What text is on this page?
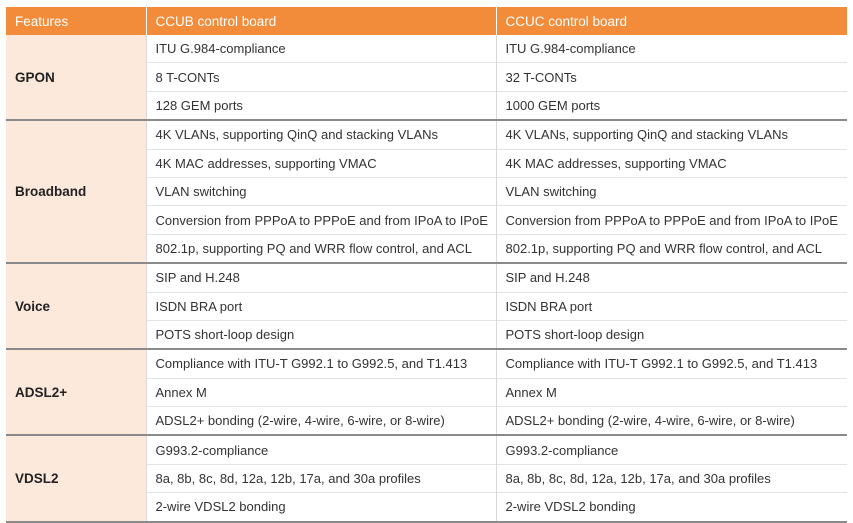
Features	CCUB control board	CCUC control board
GPON	ITU G.984-compliance	ITU G.984-compliance
	8 T-CONTs	32 T-CONTs
	128 GEM ports	1000 GEM ports
Broadband	4K VLANs, supporting QinQ and stacking VLANs	4K VLANs, supporting QinQ and stacking VLANs
	4K MAC addresses, supporting VMAC	4K MAC addresses, supporting VMAC
	VLAN switching	VLAN switching
	Conversion from PPPoA to PPPoE and from IPoA to IPoE	Conversion from PPPoA to PPPoE and from IPoA to IPoE
	802.1p, supporting PQ and WRR flow control, and ACL	802.1p, supporting PQ and WRR flow control, and ACL
Voice	SIP and H.248	SIP and H.248
	ISDN BRA port	ISDN BRA port
	POTS short-loop design	POTS short-loop design
ADSL2+	Compliance with ITU-T G992.1 to G992.5, and T1.413	Compliance with ITU-T G992.1 to G992.5, and T1.413
	Annex M	Annex M
	ADSL2+ bonding (2-wire, 4-wire, 6-wire, or 8-wire)	ADSL2+ bonding (2-wire, 4-wire, 6-wire, or 8-wire)
VDSL2	G993.2-compliance	G993.2-compliance
	8a, 8b, 8c, 8d, 12a, 12b, 17a, and 30a profiles	8a, 8b, 8c, 8d, 12a, 12b, 17a, and 30a profiles
	2-wire VDSL2 bonding	2-wire VDSL2 bonding
